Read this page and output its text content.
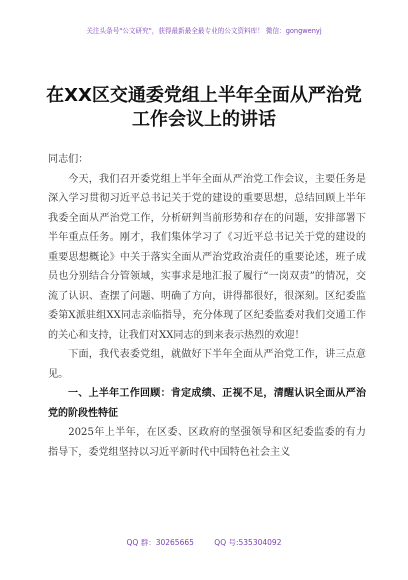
关注头条号"公文研究"，获得最新最全最专业的公文资料库！ 微信：gongwenyj
在XX区交通委党组上半年全面从严治党
工作会议上的讲话

同志们：

今天，我们召开委党组上半年全面从严治党工作会议，主要任务是深入学习贯彻习近平总书记关于党的建设的重要思想，总结回顾上半年我委全面从严治党工作，分析研判当前形势和存在的问题，安排部署下半年重点任务。刚才，我们集体学习了《习近平总书记关于党的建设的重要思想概论》中关于落实全面从严治党政治责任的重要论述，班子成员也分别结合分管领域，实事求是地汇报了履行“一岗双责”的情况，交流了认识、查摆了问题、明确了方向，讲得都很好，很深刻。区纪委监委第X派驻组XX同志亲临指导，充分体现了区纪委监委对我们交通工作的关心和支持，让我们对XX同志的到来表示热烈的欢迎！

下面，我代表委党组，就做好下半年全面从严治党工作，讲三点意见。

一、上半年工作回顾：肯定成绩、正视不足，清醒认识全面从严治党的阶段性特征

2025年上半年，在区委、区政府的坚强领导和区纪委监委的有力指导下，委党组坚持以习近平新时代中国特色社会主义

QQ 群：30265665	QQ 号:535304092
